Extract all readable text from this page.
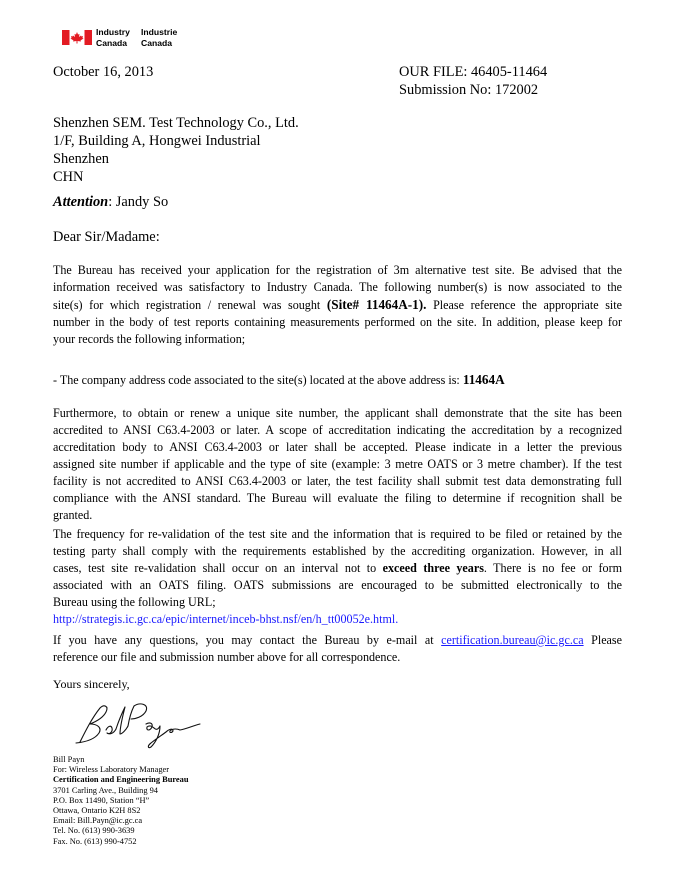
Industry
Canada
Industrie
Canada
October 16, 2013	OUR FILE: 46405-11464
Submission No: 172002
Shenzhen SEM. Test Technology Co., Ltd.
1/F, Building A, Hongwei Industrial
Shenzhen
CHN
Attention: Jandy So
Dear Sir/Madame:
The Bureau has received your application for the registration of 3m alternative test site. Be advised that the
information received was satisfactory to Industry Canada. The following number(s) is now associated to the
site(s) for which registration / renewal was sought (Site# 11464A-1). Please reference the appropriate site
number in the body of test reports containing measurements performed on the site. In addition, please keep for
your records the following information;
- The company address code associated to the site(s) located at the above address is: 11464A
Furthermore, to obtain or renew a unique site number, the applicant shall demonstrate that the site has been
accredited to ANSI C63.4-2003 or later. A scope of accreditation indicating the accreditation by a recognized
accreditation body to ANSI C63.4-2003 or later shall be accepted. Please indicate in a letter the previous
assigned site number if applicable and the type of site (example: 3 metre OATS or 3 metre chamber). If the test
facility is not accredited to ANSI C63.4-2003 or later, the test facility shall submit test data demonstrating full
compliance with the ANSI standard. The Bureau will evaluate the filing to determine if recognition shall be
granted.
The frequency for re-validation of the test site and the information that is required to be filed or retained by the
testing party shall comply with the requirements established by the accrediting organization. However, in all
cases, test site re-validation shall occur on an interval not to exceed three years. There is no fee or form
associated with an OATS filing. OATS submissions are encouraged to be submitted electronically to the
Bureau using the following URL;
http://strategis.ic.gc.ca/epic/internet/inceb-bhst.nsf/en/h_tt00052e.html.
If you have any questions, you may contact the Bureau by e-mail at certification.bureau@ic.gc.ca Please
reference our file and submission number above for all correspondence.
Yours sincerely,
Bill Payn
For: Wireless Laboratory Manager
Certification and Engineering Bureau
3701 Carling Ave., Building 94
P.O. Box 11490, Station “H”
Ottawa, Ontario K2H 8S2
Email: Bill.Payn@ic.gc.ca
Tel. No. (613) 990-3639
Fax. No. (613) 990-4752
